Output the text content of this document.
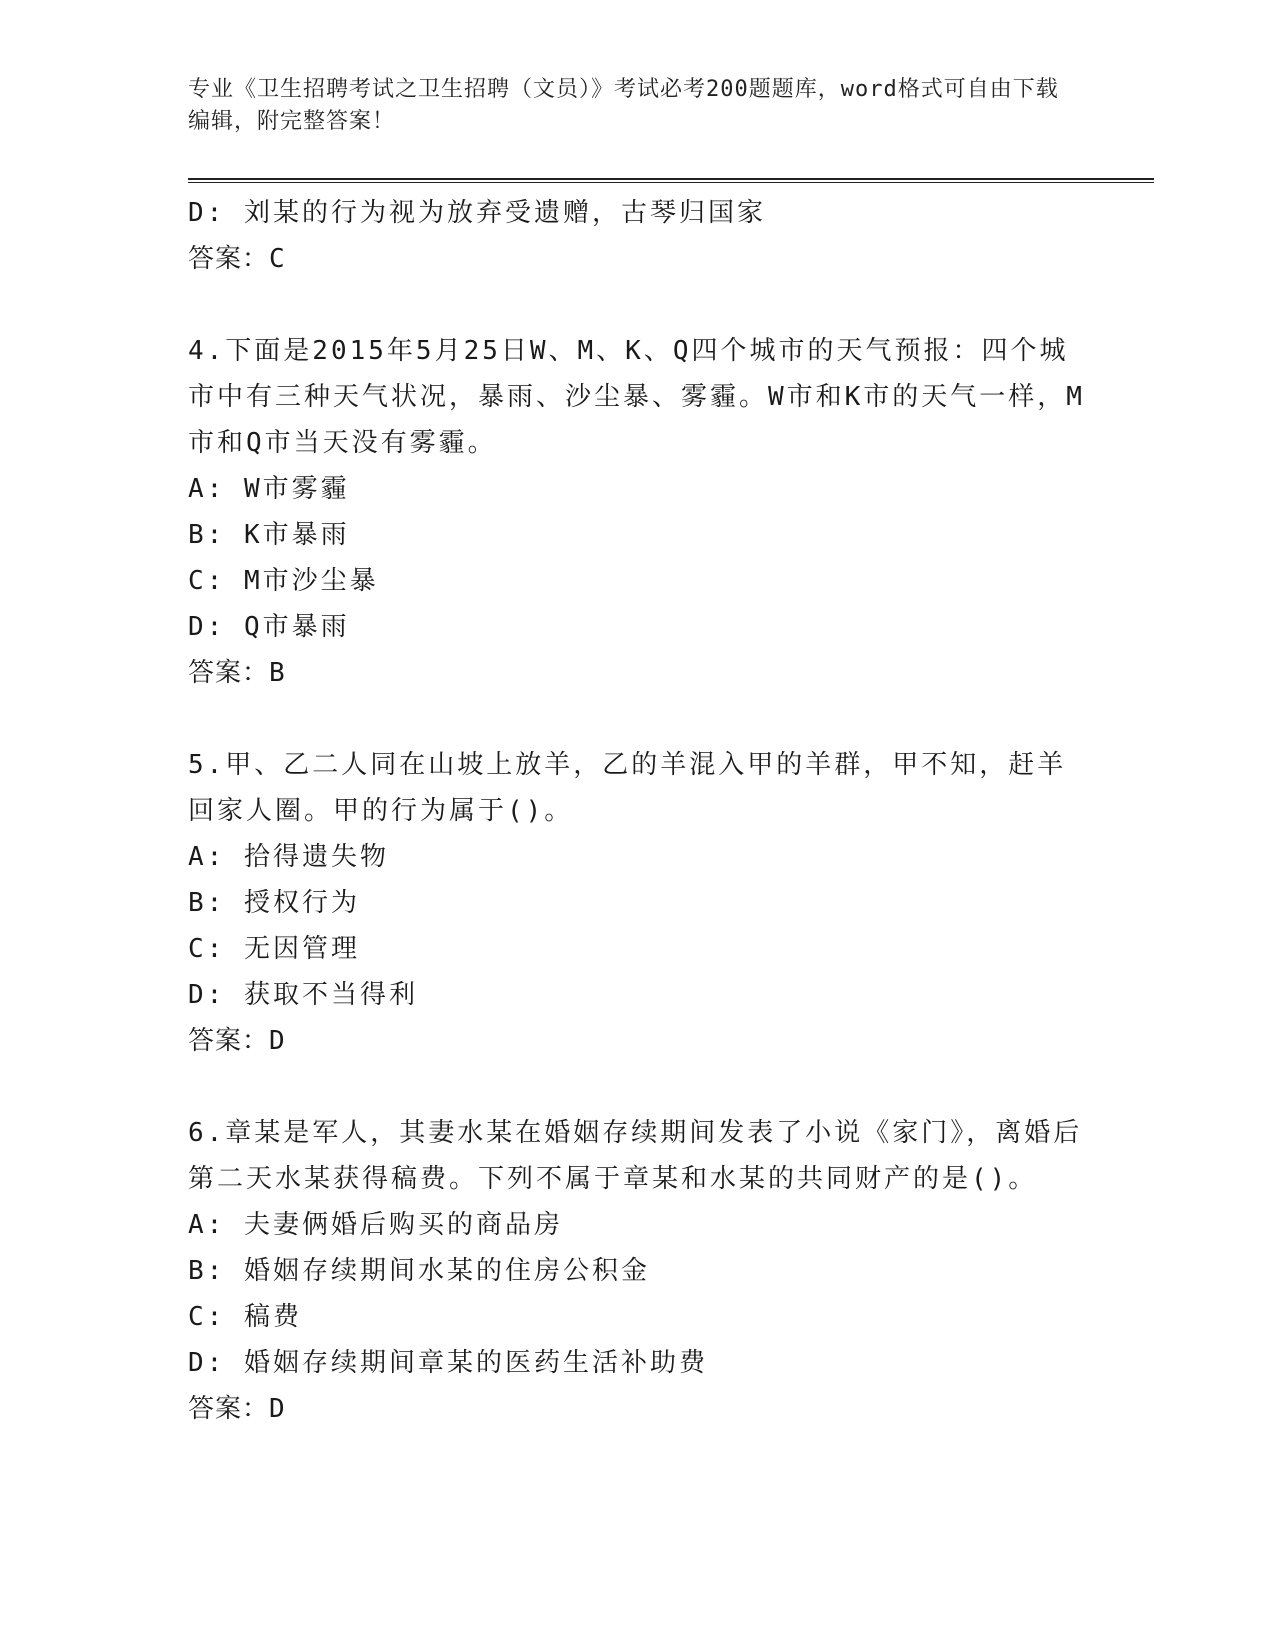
专业《卫生招聘考试之卫生招聘（文员）》考试必考200题题库，word格式可自由下载编辑，附完整答案！
D: 刘某的行为视为放弃受遗赠，古琴归国家
答案：C
4.下面是2015年5月25日W、M、K、Q四个城市的天气预报：四个城市中有三种天气状况，暴雨、沙尘暴、雾霾。W市和K市的天气一样，M市和Q市当天没有雾霾。
A: W市雾霾
B: K市暴雨
C: M市沙尘暴
D: Q市暴雨
答案：B
5.甲、乙二人同在山坡上放羊，乙的羊混入甲的羊群，甲不知，赶羊回家人圈。甲的行为属于()。
A: 拾得遗失物
B: 授权行为
C: 无因管理
D: 获取不当得利
答案：D
6.章某是军人，其妻水某在婚姻存续期间发表了小说《家门》，离婚后第二天水某获得稿费。下列不属于章某和水某的共同财产的是()。
A: 夫妻俩婚后购买的商品房
B: 婚姻存续期间水某的住房公积金
C: 稿费
D: 婚姻存续期间章某的医药生活补助费
答案：D
